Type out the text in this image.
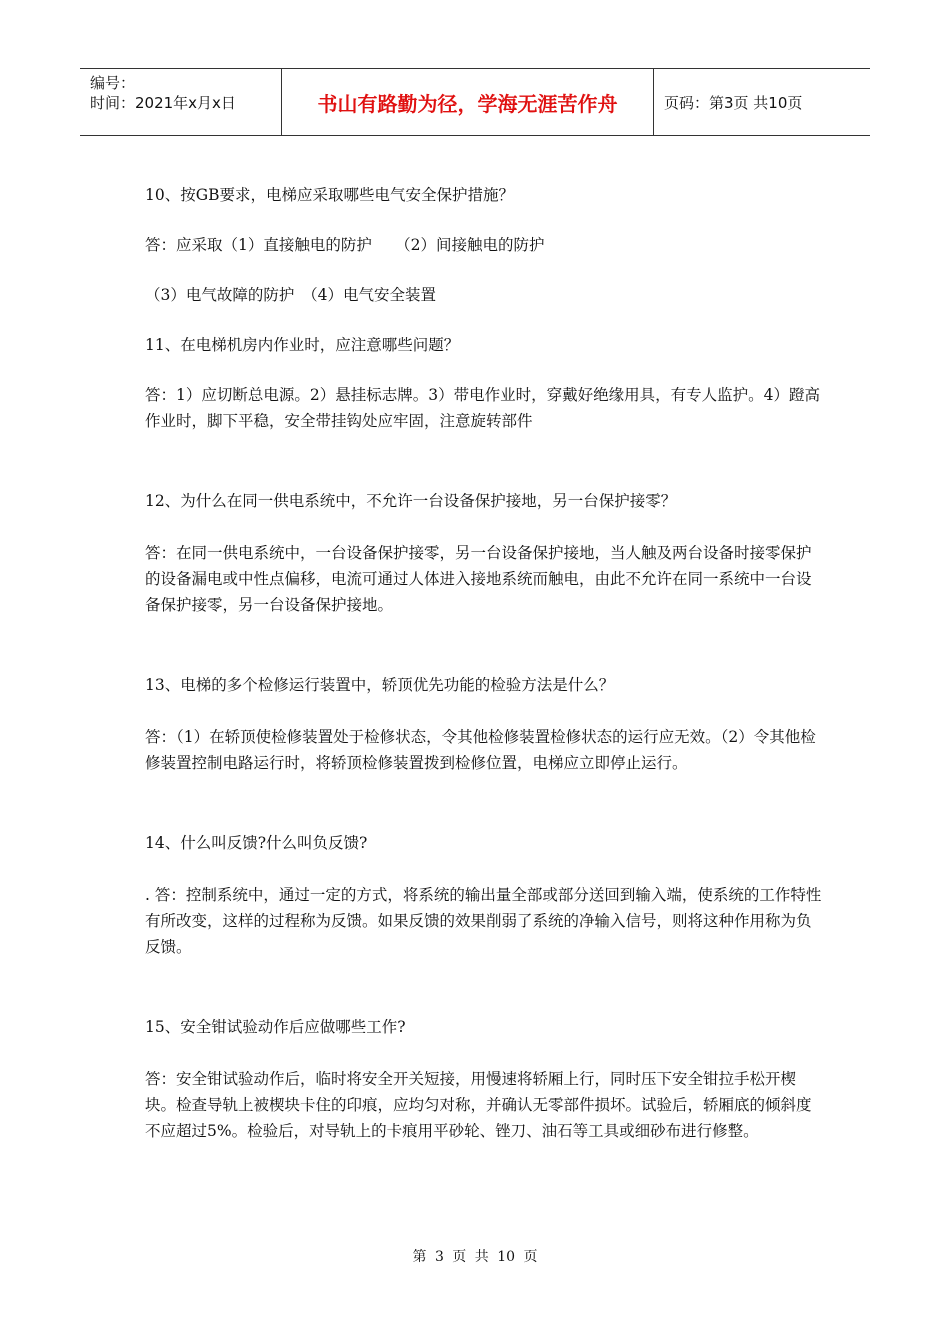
编号：
时间：2021年x月x日	书山有路勤为径，学海无涯苦作舟	页码：第3页 共10页

10、按GB要求，电梯应采取哪些电气安全保护措施？

答：应采取（1）直接触电的防护　　（2）间接触电的防护

（3）电气故障的防护　（4）电气安全装置

11、在电梯机房内作业时，应注意哪些问题？

答：1）应切断总电源。2）悬挂标志牌。3）带电作业时，穿戴好绝缘用具，有专人监护。4）蹬高作业时，脚下平稳，安全带挂钩处应牢固，注意旋转部件

12、为什么在同一供电系统中，不允许一台设备保护接地，另一台保护接零？

答：在同一供电系统中，一台设备保护接零，另一台设备保护接地，当人触及两台设备时接零保护的设备漏电或中性点偏移，电流可通过人体进入接地系统而触电，由此不允许在同一系统中一台设备保护接零，另一台设备保护接地。

13、电梯的多个检修运行装置中，轿顶优先功能的检验方法是什么？

答：（1）在轿顶使检修装置处于检修状态，令其他检修装置检修状态的运行应无效。（2）令其他检修装置控制电路运行时，将轿顶检修装置拨到检修位置，电梯应立即停止运行。

14、什么叫反馈?什么叫负反馈?

. 答：控制系统中，通过一定的方式，将系统的输出量全部或部分送回到输入端，使系统的工作特性有所改变，这样的过程称为反馈。如果反馈的效果削弱了系统的净输入信号，则将这种作用称为负反馈。

15、安全钳试验动作后应做哪些工作?

答：安全钳试验动作后，临时将安全开关短接，用慢速将轿厢上行，同时压下安全钳拉手松开楔块。检查导轨上被楔块卡住的印痕，应均匀对称，并确认无零部件损坏。试验后，轿厢底的倾斜度不应超过5%。检验后，对导轨上的卡痕用平砂轮、锉刀、油石等工具或细砂布进行修整。

第 3 页 共 10 页
